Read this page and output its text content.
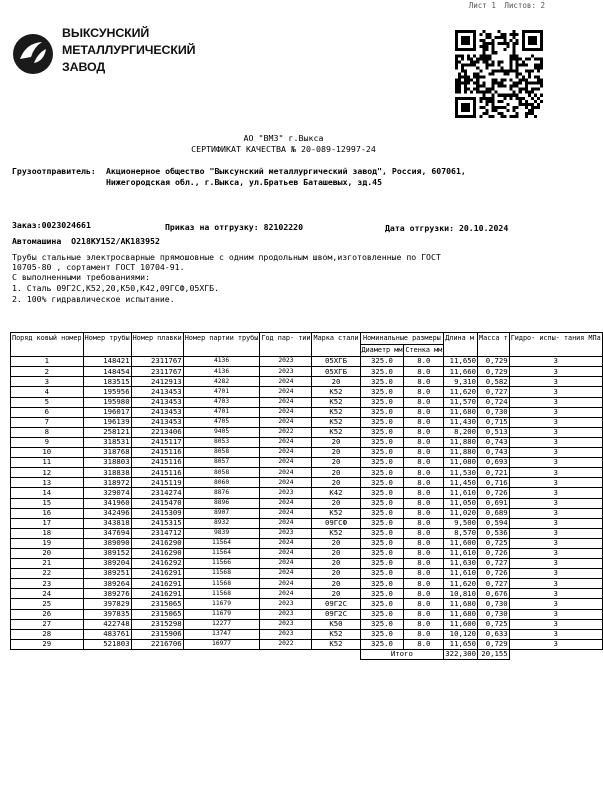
Лист 1 Листов: 2
ВЫКСУНСКИЙ
МЕТАЛЛУРГИЧЕСКИЙ
ЗАВОД
АО "ВМЗ" г.Выкса
СЕРТИФИКАТ КАЧЕСТВА № 20-089-12997-24
Грузоотправитель: Акционерное общество "Выксунский металлургический завод", Россия, 607061,
Нижегородская обл., г.Выкса, ул.Братьев Баташевых, зд.45
Заказ:0023024661	Приказ на отгрузку: 82102220	Дата отгрузки: 20.10.2024
Автомашина О218КУ152/АК183952
Трубы стальные электросварные прямошовные с одним продольным швом,изготовленные по ГОСТ
10705-80 , сортамент ГОСТ 10704-91.
С выполненными требованиями:
1. Сталь 09Г2С,К52,20,К50,К42,09ГСФ,05ХГБ.
2. 100% гидравлическое испытание.
Поряд ковый номер	Номер трубы	Номер плавки	Номер партии трубы	Год пар- тии	Марка стали	Номинальные размеры		Длина м	Масса т	Гидро- испы- тания МПа
						Диаметр мм	Стенка мм			
1	148421	2311767	4136	2023	05ХГБ	325.0	8.0	11,650	0,729	3
2	148454	2311767	4136	2023	05ХГБ	325.0	8.0	11,660	0,729	3
3	183515	2412913	4282	2024	20	325.0	8.0	9,310	0,582	3
4	195956	2413453	4701	2024	К52	325.0	8.0	11,620	0,727	3
5	195980	2413453	4703	2024	К52	325.0	8.0	11,570	0,724	3
6	196017	2413453	4701	2024	К52	325.0	8.0	11,680	0,730	3
7	196139	2413453	4705	2024	К52	325.0	8.0	11,430	0,715	3
8	258121	2213406	9405	2022	К52	325.0	8.0	8,200	0,513	3
9	318531	2415117	8053	2024	20	325.0	8.0	11,880	0,743	3
10	318768	2415116	8058	2024	20	325.0	8.0	11,880	0,743	3
11	318803	2415116	8057	2024	20	325.0	8.0	11,080	0,693	3
12	318838	2415116	8058	2024	20	325.0	8.0	11,530	0,721	3
13	318972	2415119	8060	2024	20	325.0	8.0	11,450	0,716	3
14	329074	2314274	8876	2023	К42	325.0	8.0	11,610	0,726	3
15	341960	2415470	8896	2024	20	325.0	8.0	11,050	0,691	3
16	342496	2415309	8907	2024	К52	325.0	8.0	11,020	0,689	3
17	343818	2415315	8932	2024	09ГСФ	325.0	8.0	9,500	0,594	3
18	347694	2314712	9839	2023	К52	325.0	8.0	8,570	0,536	3
19	389090	2416290	11564	2024	20	325.0	8.0	11,600	0,725	3
20	389152	2416290	11564	2024	20	325.0	8.0	11,610	0,726	3
21	389204	2416292	11566	2024	20	325.0	8.0	11,630	0,727	3
22	389251	2416291	11568	2024	20	325.0	8.0	11,610	0,726	3
23	389264	2416291	11568	2024	20	325.0	8.0	11,620	0,727	3
24	389276	2416291	11568	2024	20	325.0	8.0	10,810	0,676	3
25	397829	2315065	11679	2023	09Г2С	325.0	8.0	11,680	0,730	3
26	397835	2315065	11679	2023	09Г2С	325.0	8.0	11,680	0,730	3
27	422748	2315298	12277	2023	К50	325.0	8.0	11,600	0,725	3
28	483761	2315906	13747	2023	К52	325.0	8.0	10,120	0,633	3
29	521803	2216706	16977	2022	К52	325.0	8.0	11,650	0,729	3
						Итого		322,300	20,155	
